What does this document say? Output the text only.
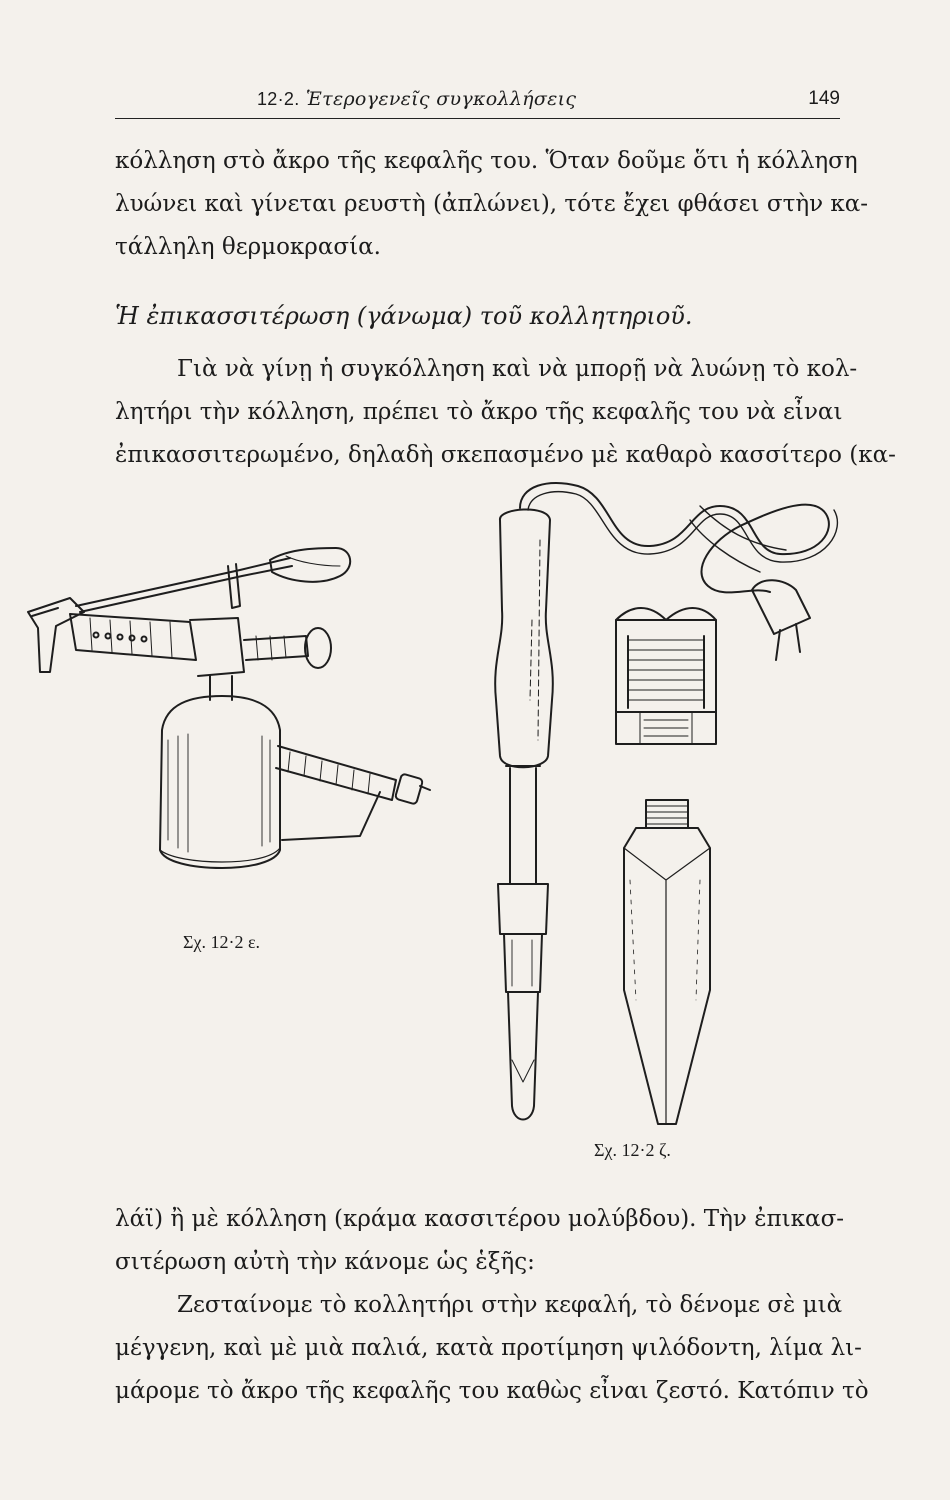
12·2. Ἑτερογενεῖς συγκολλήσεις	149
κόλληση στὸ ἄκρο τῆς κεφαλῆς του. Ὅταν δοῦμε ὅτι ἡ κόλληση
λυώνει καὶ γίνεται ρευστὴ (ἀπλώνει), τότε ἔχει φθάσει στὴν κα-
τάλληλη θερμοκρασία.
Ἡ ἐπικασσιτέρωση (γάνωμα) τοῦ κολλητηριοῦ.
Γιὰ νὰ γίνῃ ἡ συγκόλληση καὶ νὰ μπορῇ νὰ λυώνῃ τὸ κολ-
λητήρι τὴν κόλληση, πρέπει τὸ ἄκρο τῆς κεφαλῆς του νὰ εἶναι
ἐπικασσιτερωμένο, δηλαδὴ σκεπασμένο μὲ καθαρὸ κασσίτερο (κα-
Σχ. 12·2 ε.
Σχ. 12·2 ζ.
λάϊ) ἢ μὲ κόλληση (κράμα κασσιτέρου μολύβδου). Τὴν ἐπικασ-
σιτέρωση αὐτὴ τὴν κάνομε ὡς ἑξῆς:
Ζεσταίνομε τὸ κολλητήρι στὴν κεφαλή, τὸ δένομε σὲ μιὰ
μέγγενη, καὶ μὲ μιὰ παλιά, κατὰ προτίμηση ψιλόδοντη, λίμα λι-
μάρομε τὸ ἄκρο τῆς κεφαλῆς του καθὼς εἶναι ζεστό. Κατόπιν τὸ
